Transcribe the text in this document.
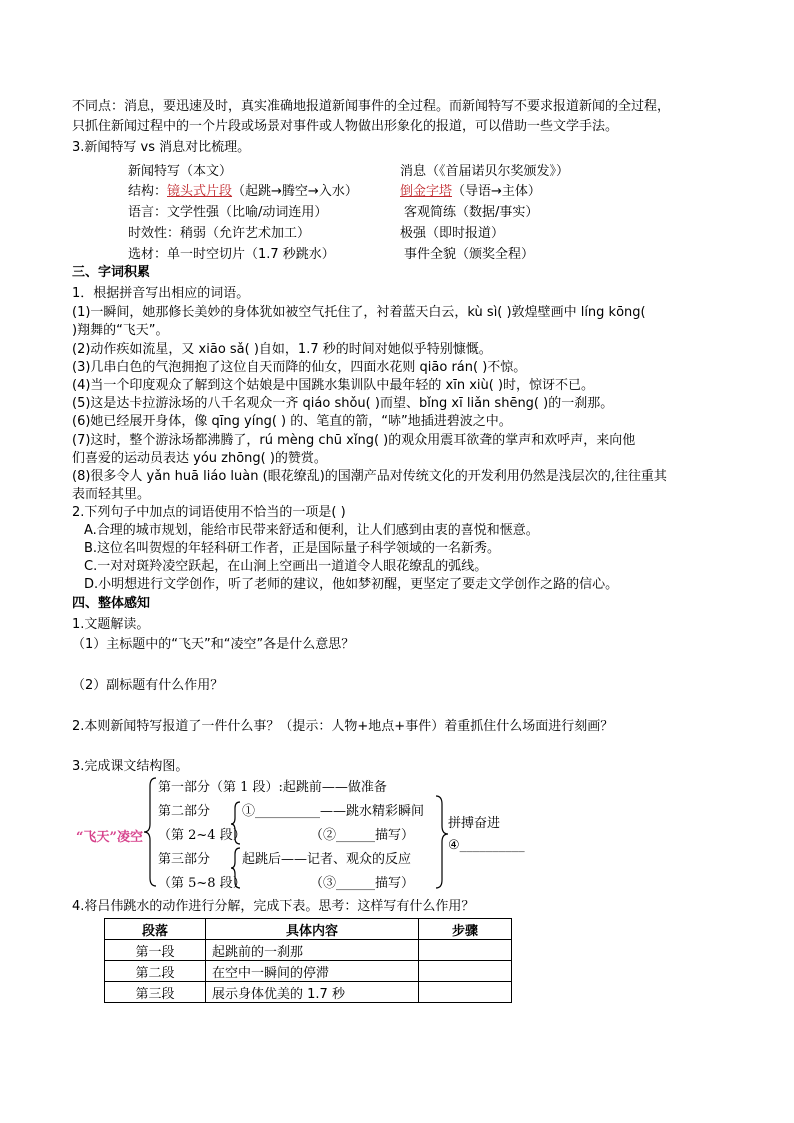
不同点：消息，要迅速及时，真实准确地报道新闻事件的全过程。而新闻特写不要求报道新闻的全过程，
只抓住新闻过程中的一个片段或场景对事件或人物做出形象化的报道，可以借助一些文学手法。
3.新闻特写 vs 消息对比梳理。
新闻特写（本文）	消息（《首届诺贝尔奖颁发》）
结构：镜头式片段（起跳→腾空→入水）	倒金字塔（导语→主体）
语言：文学性强（比喻/动词连用）	客观简练（数据/事实）
时效性：稍弱（允许艺术加工）	极强（即时报道）
选材：单一时空切片（1.7 秒跳水）	事件全貌（颁奖全程）
三、字词积累
1．根据拼音写出相应的词语。
(1)一瞬间，她那修长美妙的身体犹如被空气托住了，衬着蓝天白云，kù sì( )敦煌壁画中 líng kōng(
)翔舞的“飞天”。
(2)动作疾如流星，又 xiāo sǎ( )自如，1.7 秒的时间对她似乎特别慷慨。
(3)几串白色的气泡拥抱了这位自天而降的仙女，四面水花则 qiāo rán( )不惊。
(4)当一个印度观众了解到这个姑娘是中国跳水集训队中最年轻的 xīn xiù( )时，惊讶不已。
(5)这是达卡拉游泳场的八千名观众一齐 qiáo shǒu( )而望、bǐng xī liǎn shēng( )的一刹那。
(6)她已经展开身体，像 qīng yíng( ) 的、笔直的箭，“哧”地插进碧波之中。
(7)这时，整个游泳场都沸腾了，rú mèng chū xǐng( )的观众用震耳欲聋的掌声和欢呼声，来向他
们喜爱的运动员表达 yóu zhōng( )的赞赏。
(8)很多令人 yǎn huā liáo luàn (眼花缭乱)的国潮产品对传统文化的开发利用仍然是浅层次的,往往重其
表而轻其里。
2.下列句子中加点的词语使用不恰当的一项是( )
A.合理的城市规划，能给市民带来舒适和便利，让人们感到由衷的喜悦和惬意。
B.这位名叫贺煜的年轻科研工作者，正是国际量子科学领域的一名新秀。
C.一对对斑羚凌空跃起，在山涧上空画出一道道令人眼花缭乱的弧线。
D.小明想进行文学创作，听了老师的建议，他如梦初醒，更坚定了要走文学创作之路的信心。
四、整体感知
1.文题解读。
（1）主标题中的“飞天”和“凌空”各是什么意思？
（2）副标题有什么作用？
2.本则新闻特写报道了一件什么事？（提示：人物+地点+事件）着重抓住什么场面进行刻画？
3.完成课文结构图。
“飞天”凌空
第一部分（第 1 段）:起跳前——做准备
第二部分
（第 2~4 段）
①__________——跳水精彩瞬间
（②______描写）
第三部分
（第 5~8 段）
起跳后——记者、观众的反应
（③______描写）
拼搏奋进
④__________
4.将吕伟跳水的动作进行分解，完成下表。思考：这样写有什么作用？
段落	具体内容	步骤
第一段	起跳前的一刹那	
第二段	在空中一瞬间的停滞	
第三段	展示身体优美的 1.7 秒	
